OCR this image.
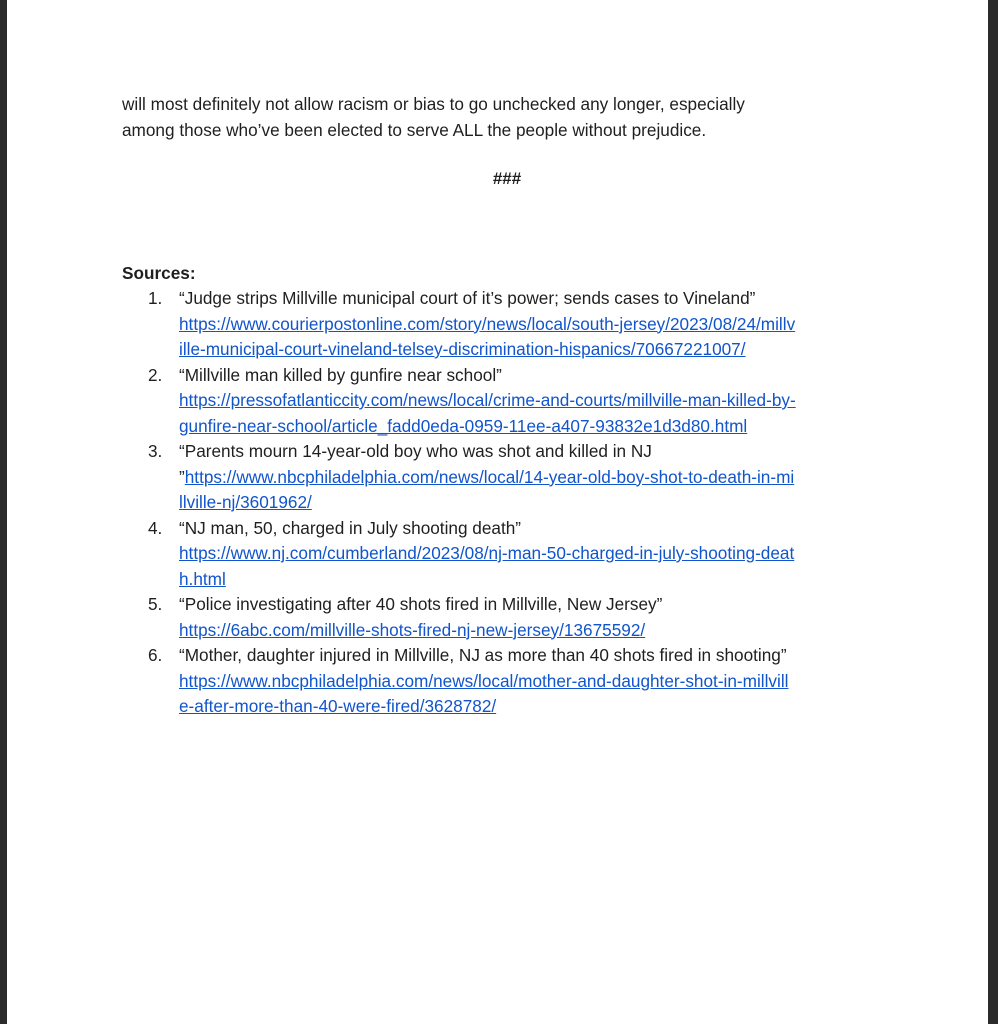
will most definitely not allow racism or bias to go unchecked any longer, especially
among those who’ve been elected to serve ALL the people without prejudice.

###
Sources:
1. “Judge strips Millville municipal court of it’s power; sends cases to Vineland”
https://www.courierpostonline.com/story/news/local/south-jersey/2023/08/24/millv
ille-municipal-court-vineland-telsey-discrimination-hispanics/70667221007/
2. “Millville man killed by gunfire near school”
https://pressofatlanticcity.com/news/local/crime-and-courts/millville-man-killed-by-
gunfire-near-school/article_fadd0eda-0959-11ee-a407-93832e1d3d80.html
3. “Parents mourn 14-year-old boy who was shot and killed in NJ
”https://www.nbcphiladelphia.com/news/local/14-year-old-boy-shot-to-death-in-mi
llville-nj/3601962/
4. “NJ man, 50, charged in July shooting death”
https://www.nj.com/cumberland/2023/08/nj-man-50-charged-in-july-shooting-deat
h.html
5. “Police investigating after 40 shots fired in Millville, New Jersey”
https://6abc.com/millville-shots-fired-nj-new-jersey/13675592/
6. “Mother, daughter injured in Millville, NJ as more than 40 shots fired in shooting”
https://www.nbcphiladelphia.com/news/local/mother-and-daughter-shot-in-millvill
e-after-more-than-40-were-fired/3628782/
